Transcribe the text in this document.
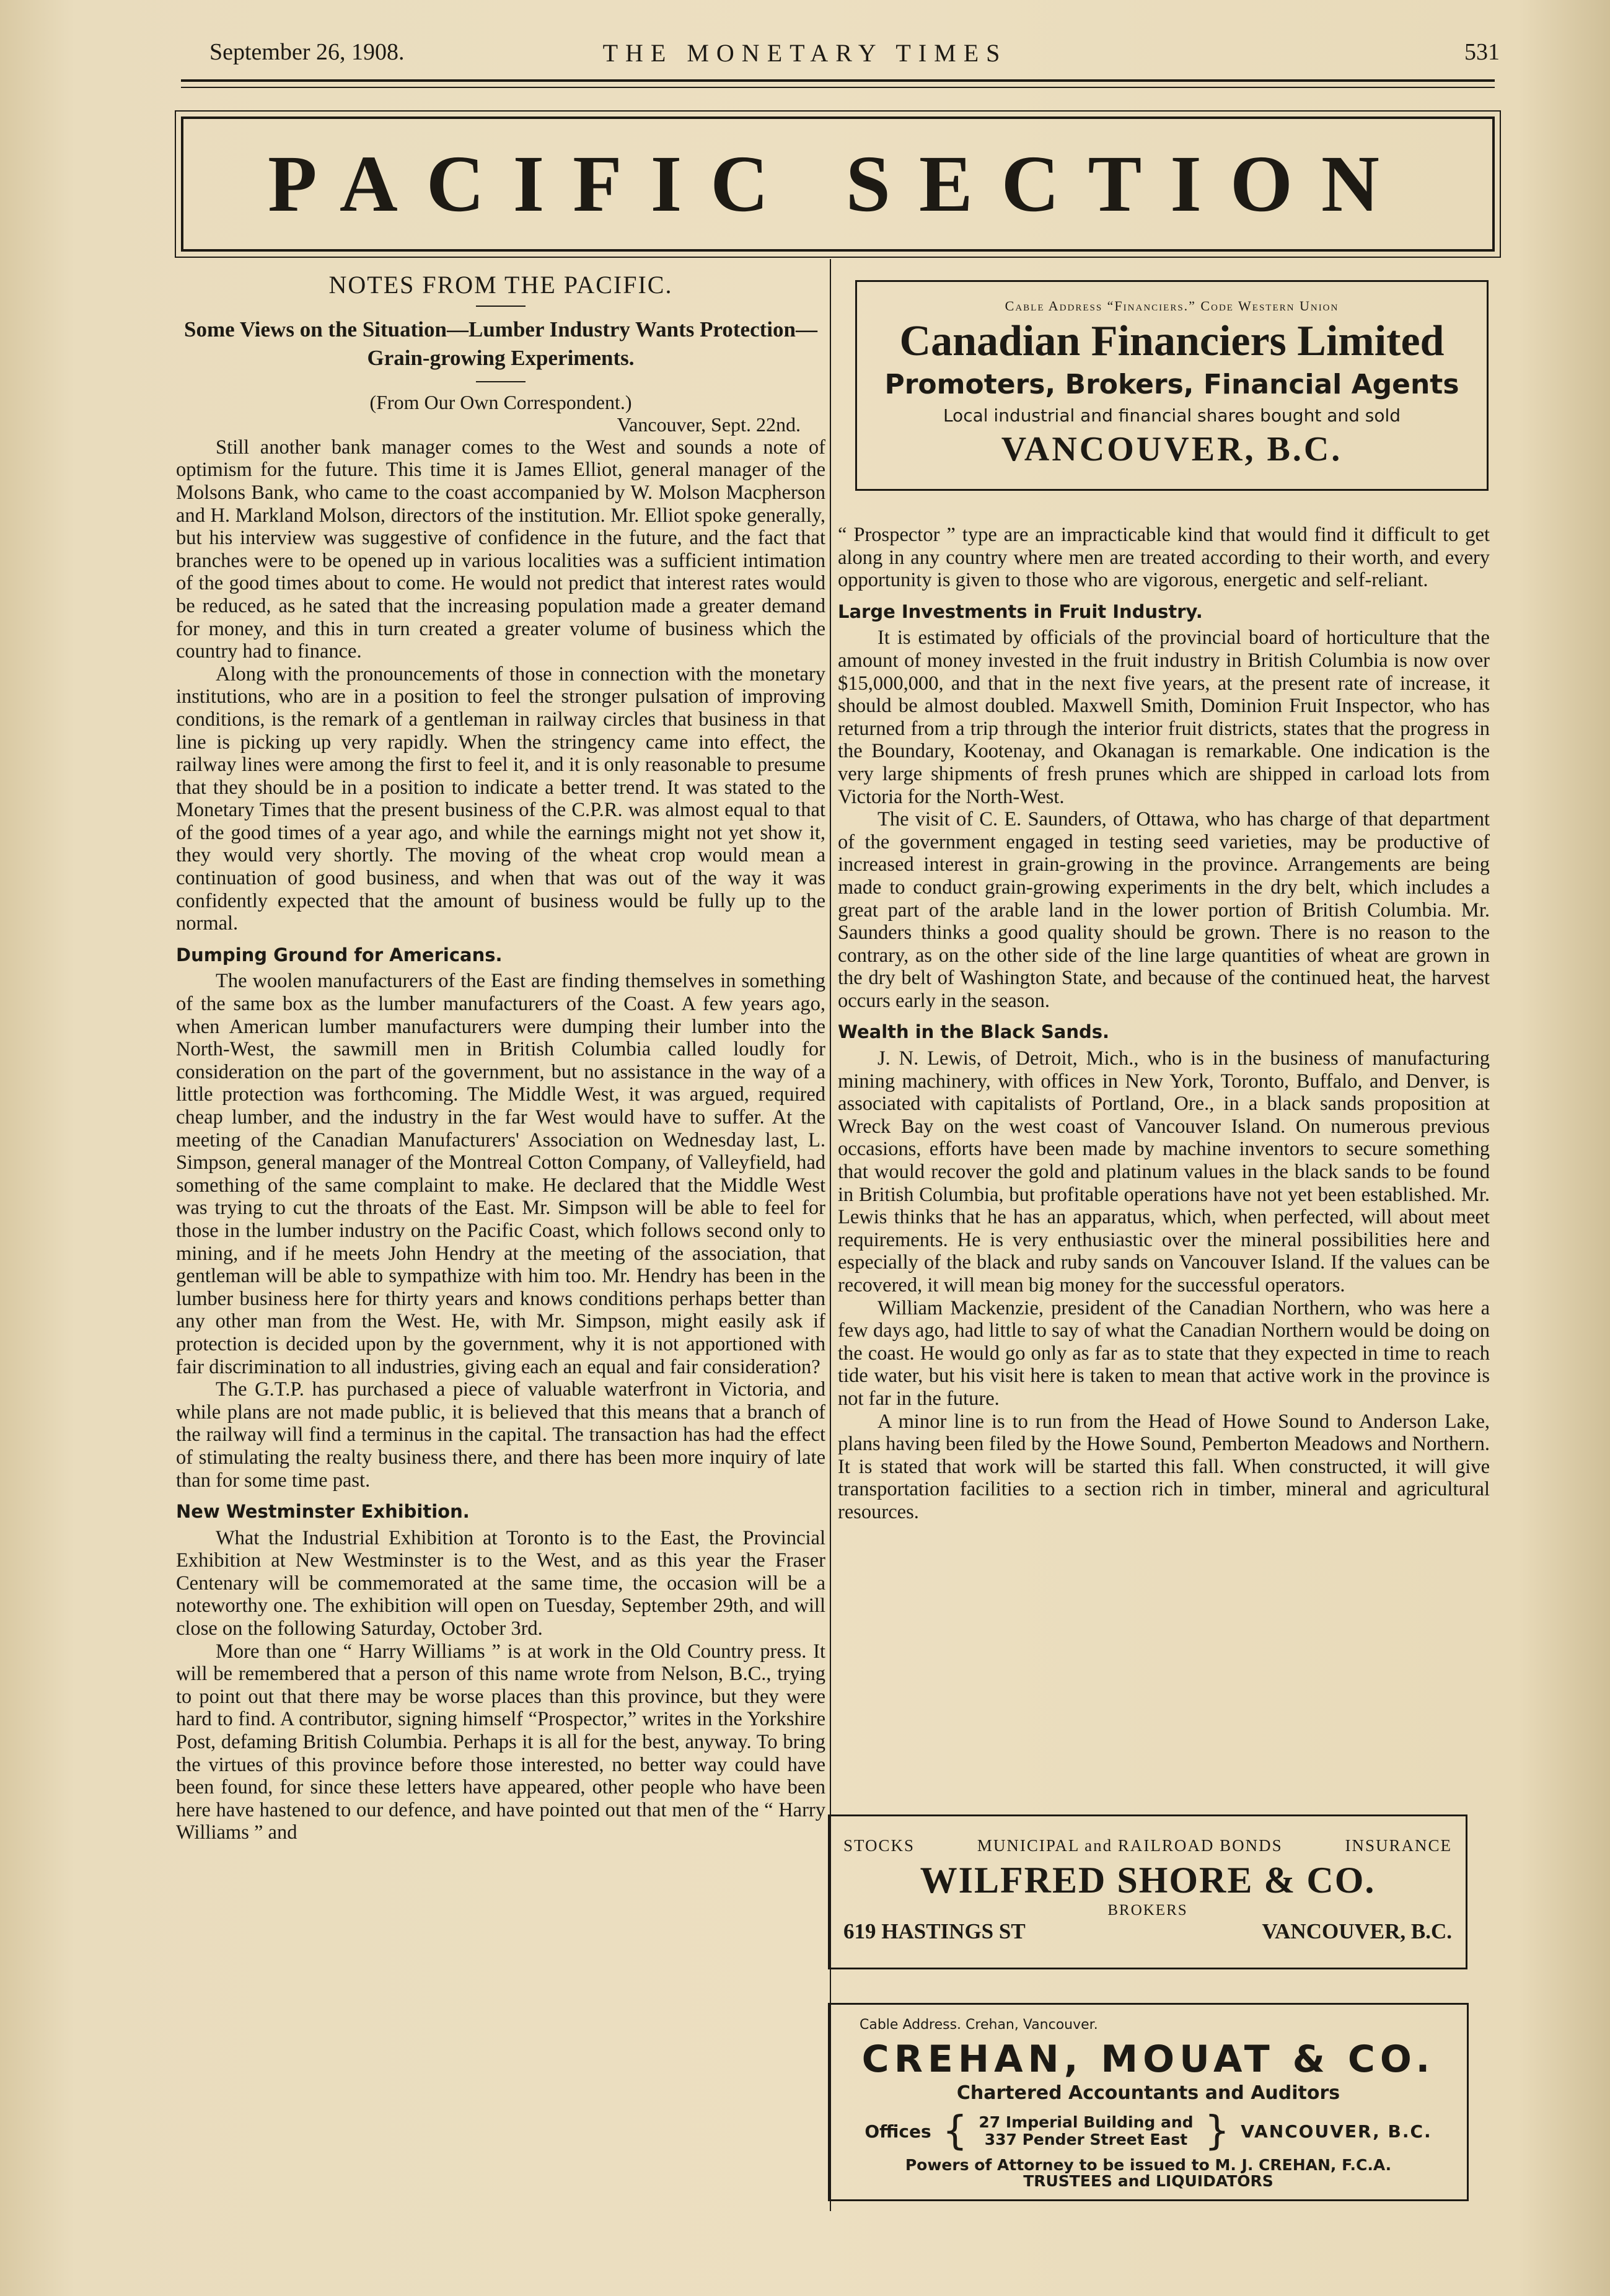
September 26, 1908.	THE MONETARY TIMES	531
PACIFIC SECTION
NOTES FROM THE PACIFIC.
Some Views on the Situation—Lumber Industry Wants Protection—Grain-growing Experiments.
(From Our Own Correspondent.)
Vancouver, Sept. 22nd.

Still another bank manager comes to the West and sounds a note of optimism for the future. This time it is James Elliot, general manager of the Molsons Bank, who came to the coast accompanied by W. Molson Macpherson and H. Markland Molson, directors of the institution. Mr. Elliot spoke generally, but his interview was suggestive of confidence in the future, and the fact that branches were to be opened up in various localities was a sufficient intimation of the good times about to come. He would not predict that interest rates would be reduced, as he sated that the increasing population made a greater demand for money, and this in turn created a greater volume of business which the country had to finance.

Along with the pronouncements of those in connection with the monetary institutions, who are in a position to feel the stronger pulsation of improving conditions, is the remark of a gentleman in railway circles that business in that line is picking up very rapidly. When the stringency came into effect, the railway lines were among the first to feel it, and it is only reasonable to presume that they should be in a position to indicate a better trend. It was stated to the Monetary Times that the present business of the C.P.R. was almost equal to that of the good times of a year ago, and while the earnings might not yet show it, they would very shortly. The moving of the wheat crop would mean a continuation of good business, and when that was out of the way it was confidently expected that the amount of business would be fully up to the normal.

Dumping Ground for Americans.

The woolen manufacturers of the East are finding themselves in something of the same box as the lumber manufacturers of the Coast. A few years ago, when American lumber manufacturers were dumping their lumber into the North-West, the sawmill men in British Columbia called loudly for consideration on the part of the government, but no assistance in the way of a little protection was forthcoming. The Middle West, it was argued, required cheap lumber, and the industry in the far West would have to suffer. At the meeting of the Canadian Manufacturers' Association on Wednesday last, L. Simpson, general manager of the Montreal Cotton Company, of Valleyfield, had something of the same complaint to make. He declared that the Middle West was trying to cut the throats of the East. Mr. Simpson will be able to feel for those in the lumber industry on the Pacific Coast, which follows second only to mining, and if he meets John Hendry at the meeting of the association, that gentleman will be able to sympathize with him too. Mr. Hendry has been in the lumber business here for thirty years and knows conditions perhaps better than any other man from the West. He, with Mr. Simpson, might easily ask if protection is decided upon by the government, why it is not apportioned with fair discrimination to all industries, giving each an equal and fair consideration?

The G.T.P. has purchased a piece of valuable waterfront in Victoria, and while plans are not made public, it is believed that this means that a branch of the railway will find a terminus in the capital. The transaction has had the effect of stimulating the realty business there, and there has been more inquiry of late than for some time past.

New Westminster Exhibition.

What the Industrial Exhibition at Toronto is to the East, the Provincial Exhibition at New Westminster is to the West, and as this year the Fraser Centenary will be commemorated at the same time, the occasion will be a noteworthy one. The exhibition will open on Tuesday, September 29th, and will close on the following Saturday, October 3rd.

More than one “ Harry Williams ” is at work in the Old Country press. It will be remembered that a person of this name wrote from Nelson, B.C., trying to point out that there may be worse places than this province, but they were hard to find. A contributor, signing himself “Prospector,” writes in the Yorkshire Post, defaming British Columbia. Perhaps it is all for the best, anyway. To bring the virtues of this province before those interested, no better way could have been found, for since these letters have appeared, other people who have been here have hastened to our defence, and have pointed out that men of the “ Harry Williams ” and

Cable Address “Financiers.” Code Western Union
Canadian Financiers Limited
Promoters, Brokers, Financial Agents
Local industrial and financial shares bought and sold
VANCOUVER, B.C.

“ Prospector ” type are an impracticable kind that would find it difficult to get along in any country where men are treated according to their worth, and every opportunity is given to those who are vigorous, energetic and self-reliant.

Large Investments in Fruit Industry.

It is estimated by officials of the provincial board of horticulture that the amount of money invested in the fruit industry in British Columbia is now over $15,000,000, and that in the next five years, at the present rate of increase, it should be almost doubled. Maxwell Smith, Dominion Fruit Inspector, who has returned from a trip through the interior fruit districts, states that the progress in the Boundary, Kootenay, and Okanagan is remarkable. One indication is the very large shipments of fresh prunes which are shipped in carload lots from Victoria for the North-West.

The visit of C. E. Saunders, of Ottawa, who has charge of that department of the government engaged in testing seed varieties, may be productive of increased interest in grain-growing in the province. Arrangements are being made to conduct grain-growing experiments in the dry belt, which includes a great part of the arable land in the lower portion of British Columbia. Mr. Saunders thinks a good quality should be grown. There is no reason to the contrary, as on the other side of the line large quantities of wheat are grown in the dry belt of Washington State, and because of the continued heat, the harvest occurs early in the season.

Wealth in the Black Sands.

J. N. Lewis, of Detroit, Mich., who is in the business of manufacturing mining machinery, with offices in New York, Toronto, Buffalo, and Denver, is associated with capitalists of Portland, Ore., in a black sands proposition at Wreck Bay on the west coast of Vancouver Island. On numerous previous occasions, efforts have been made by machine inventors to secure something that would recover the gold and platinum values in the black sands to be found in British Columbia, but profitable operations have not yet been established. Mr. Lewis thinks that he has an apparatus, which, when perfected, will about meet requirements. He is very enthusiastic over the mineral possibilities here and especially of the black and ruby sands on Vancouver Island. If the values can be recovered, it will mean big money for the successful operators.

William Mackenzie, president of the Canadian Northern, who was here a few days ago, had little to say of what the Canadian Northern would be doing on the coast. He would go only as far as to state that they expected in time to reach tide water, but his visit here is taken to mean that active work in the province is not far in the future.

A minor line is to run from the Head of Howe Sound to Anderson Lake, plans having been filed by the Howe Sound, Pemberton Meadows and Northern. It is stated that work will be started this fall. When constructed, it will give transportation facilities to a section rich in timber, mineral and agricultural resources.

STOCKS	MUNICIPAL and RAILROAD BONDS	INSURANCE
WILFRED SHORE & CO.
BROKERS
619 HASTINGS ST	VANCOUVER, B.C.
Cable Address. Crehan, Vancouver.
CREHAN, MOUAT & CO.
Chartered Accountants and Auditors
Offices { 27 Imperial Building and
337 Pender Street East } VANCOUVER, B.C.
Powers of Attorney to be issued to M. J. CREHAN, F.C.A.
TRUSTEES and LIQUIDATORS
